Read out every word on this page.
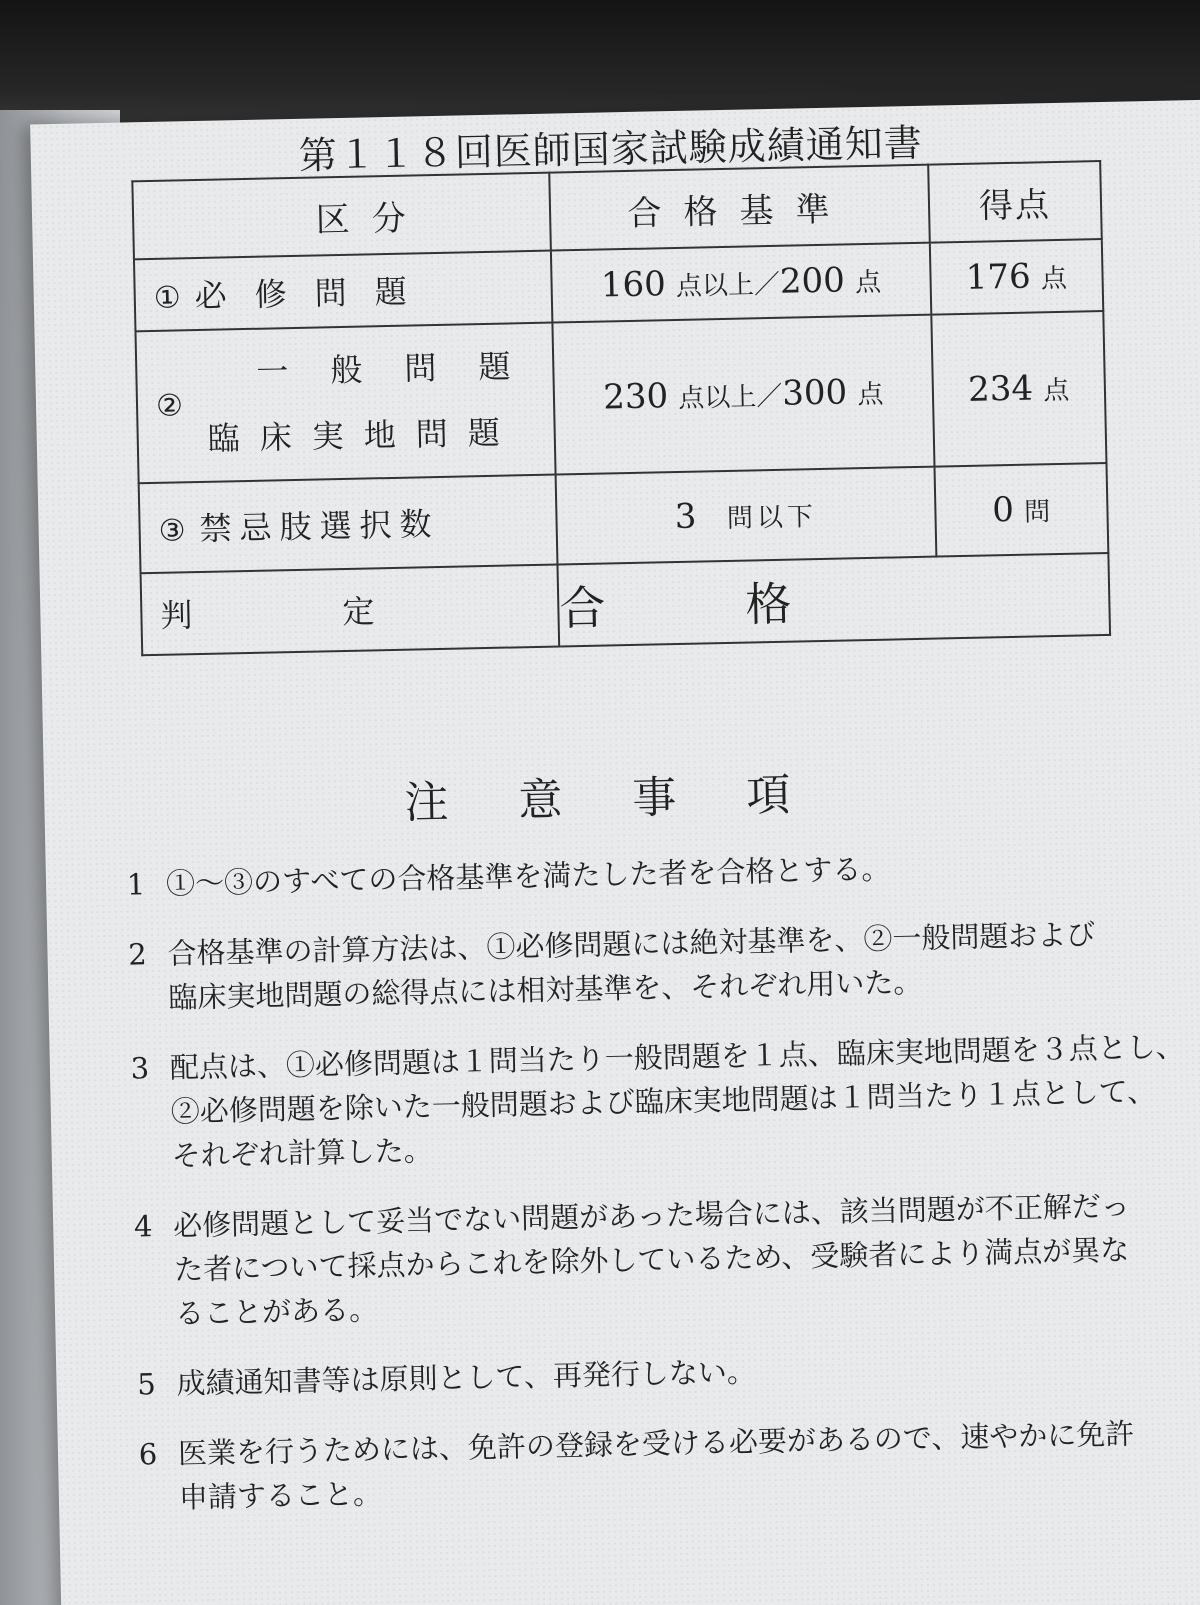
第１１８回医師国家試験成績通知書
区分	合格基準	得点
① 必修問題	160 点以上／200 点	176 点
②
一般問題
臨床実地問題	230 点以上／300 点	234 点
③ 禁忌肢選択数	3 問以下	0 問
判定	合格	
注意事項
1 ①～③のすべての合格基準を満たした者を合格とする。
2 合格基準の計算方法は、①必修問題には絶対基準を、②一般問題および
臨床実地問題の総得点には相対基準を、それぞれ用いた。
3 配点は、①必修問題は１問当たり一般問題を１点、臨床実地問題を３点とし、
②必修問題を除いた一般問題および臨床実地問題は１問当たり１点として、
それぞれ計算した。
4 必修問題として妥当でない問題があった場合には、該当問題が不正解だっ
た者について採点からこれを除外しているため、受験者により満点が異な
ることがある。
5 成績通知書等は原則として、再発行しない。
6 医業を行うためには、免許の登録を受ける必要があるので、速やかに免許
申請すること。
